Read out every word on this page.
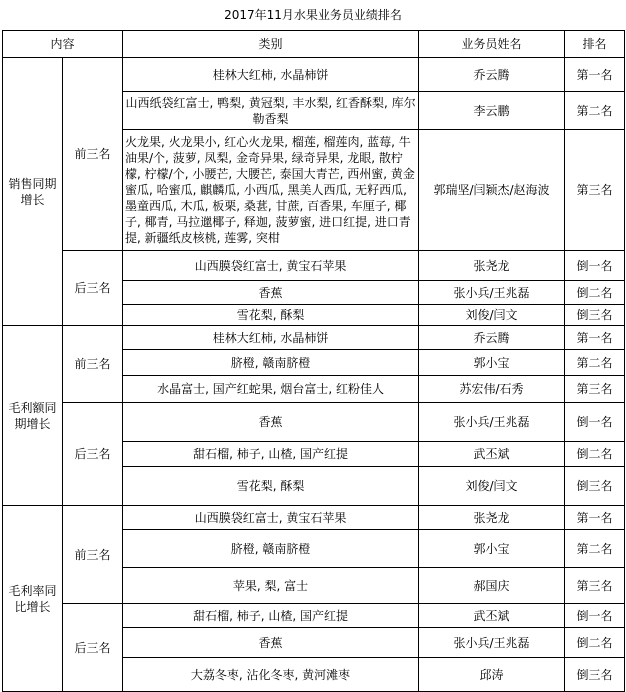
2017年11月水果业务员业绩排名
内容		类别	业务员姓名	排名
销售同期增长	前三名	桂林大红柿, 水晶柿饼	乔云腾	第一名
		山西纸袋红富士, 鸭梨, 黄冠梨, 丰水梨, 红香酥梨, 库尔勒香梨	李云鹏	第二名
		火龙果, 火龙果小, 红心火龙果, 榴莲, 榴莲肉, 蓝莓, 牛油果/个, 菠萝, 凤梨, 金奇异果, 绿奇异果, 龙眼, 散柠檬, 柠檬/个, 小腰芒, 大腰芒, 泰国大青芒, 西州蜜, 黄金蜜瓜, 哈蜜瓜, 麒麟瓜, 小西瓜, 黑美人西瓜, 无籽西瓜, 墨童西瓜, 木瓜, 板栗, 桑葚, 甘蔗, 百香果, 车厘子, 椰子, 椰青, 马拉邋椰子, 释迦, 菠萝蜜, 进口红提, 进口青提, 新疆纸皮核桃, 莲雾, 突柑	郭瑞坚/闫颖杰/赵海波	第三名
	后三名	山西膜袋红富士, 黄宝石苹果	张尧龙	倒一名
		香蕉	张小兵/王兆磊	倒二名
		雪花梨, 酥梨	刘俊/闫文	倒三名
毛利额同期增长	前三名	桂林大红柿, 水晶柿饼	乔云腾	第一名
		脐橙, 赣南脐橙	郭小宝	第二名
		水晶富士, 国产红蛇果, 烟台富士, 红粉佳人	苏宏伟/石秀	第三名
	后三名	香蕉	张小兵/王兆磊	倒一名
		甜石榴, 柿子, 山楂, 国产红提	武丕斌	倒二名
		雪花梨, 酥梨	刘俊/闫文	倒三名
毛利率同比增长	前三名	山西膜袋红富士, 黄宝石苹果	张尧龙	第一名
		脐橙, 赣南脐橙	郭小宝	第二名
		苹果, 梨, 富士	郝国庆	第三名
	后三名	甜石榴, 柿子, 山楂, 国产红提	武丕斌	倒一名
		香蕉	张小兵/王兆磊	倒二名
		大荔冬枣, 沾化冬枣, 黄河滩枣	邱涛	倒三名
